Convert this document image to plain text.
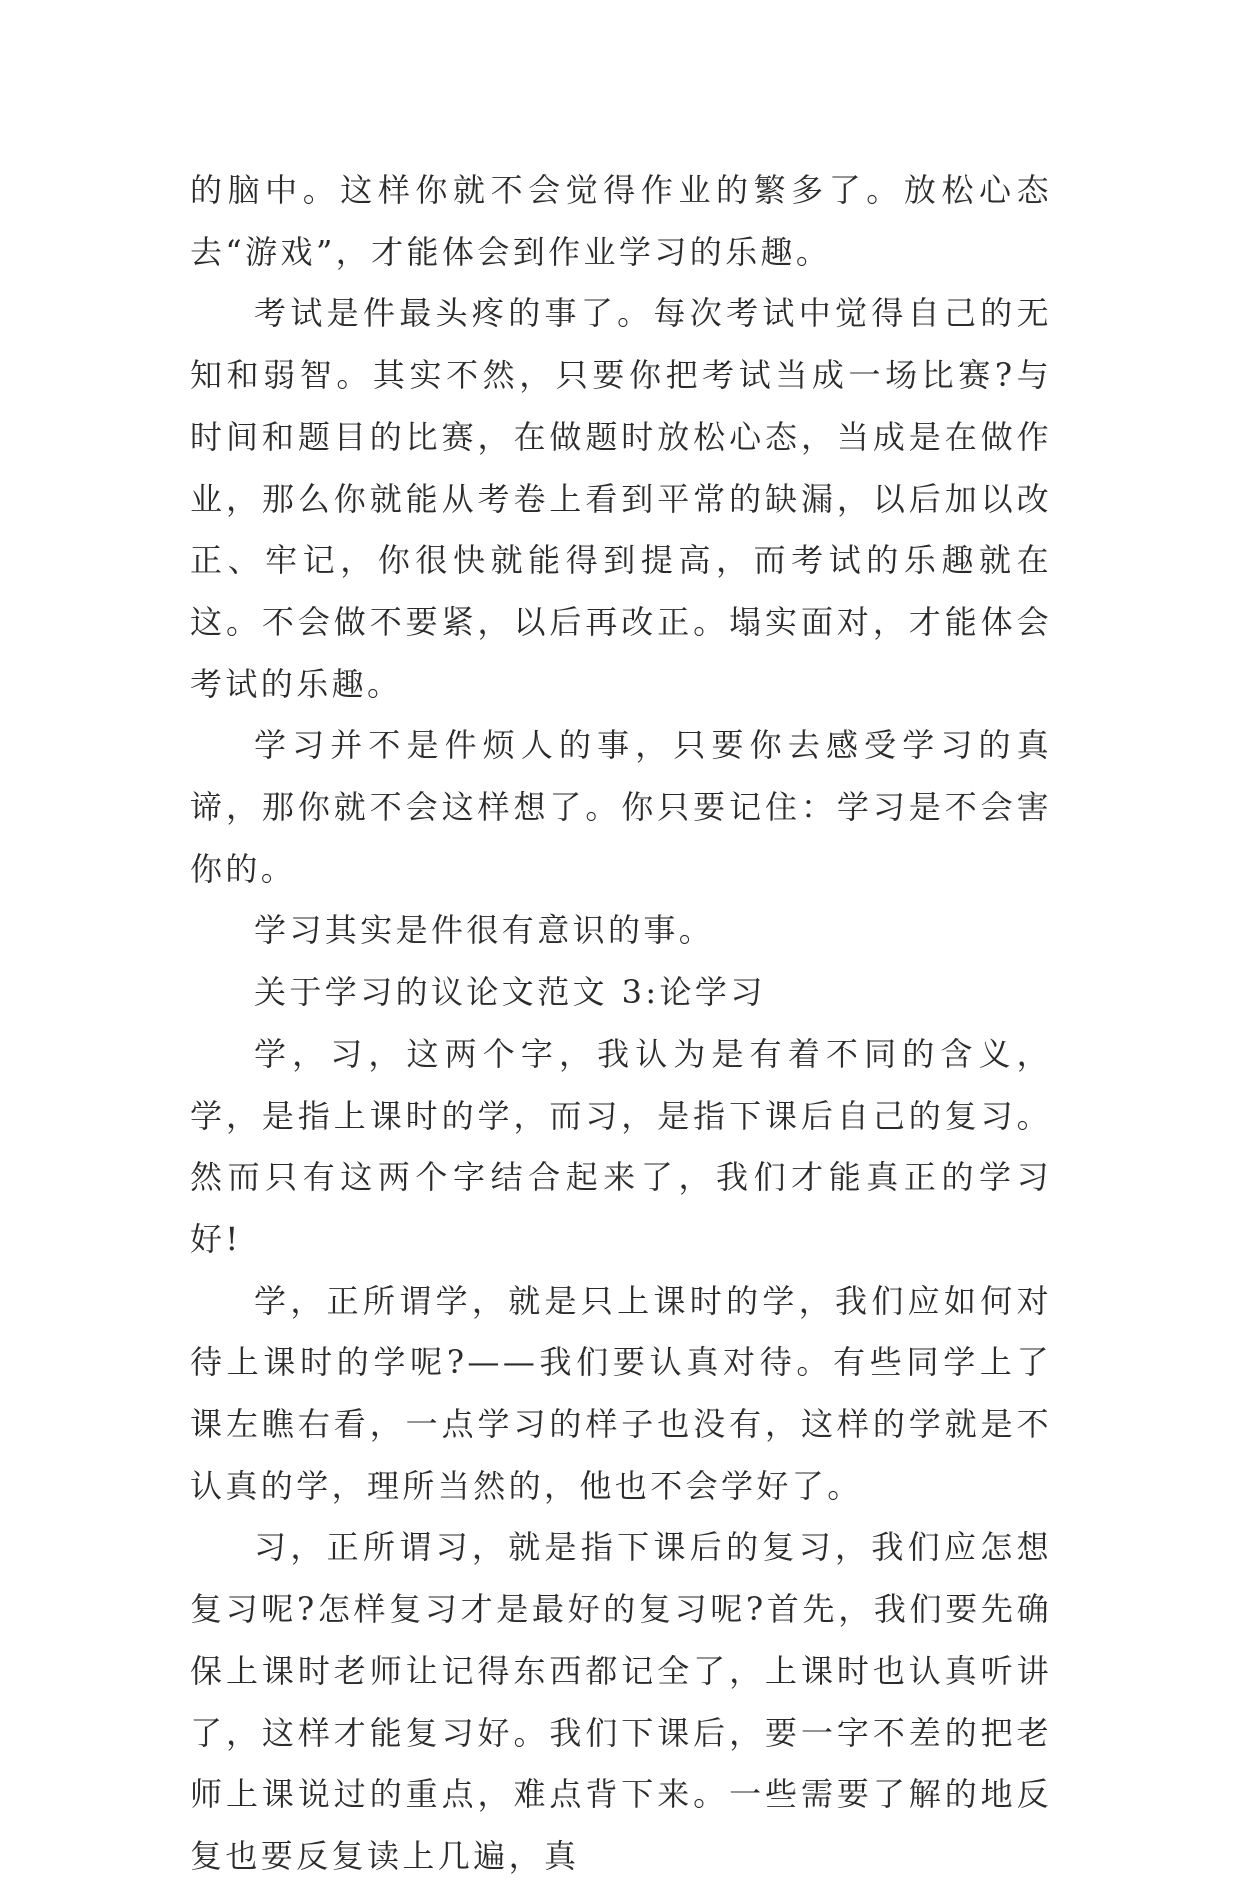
的脑中。这样你就不会觉得作业的繁多了。放松心态去“游戏”，才能体会到作业学习的乐趣。

考试是件最头疼的事了。每次考试中觉得自己的无知和弱智。其实不然，只要你把考试当成一场比赛?与时间和题目的比赛，在做题时放松心态，当成是在做作业，那么你就能从考卷上看到平常的缺漏，以后加以改正、牢记，你很快就能得到提高，而考试的乐趣就在这。不会做不要紧，以后再改正。塌实面对，才能体会考试的乐趣。

学习并不是件烦人的事，只要你去感受学习的真谛，那你就不会这样想了。你只要记住：学习是不会害你的。

学习其实是件很有意识的事。

关于学习的议论文范文 3:论学习

学，习，这两个字，我认为是有着不同的含义，学，是指上课时的学，而习，是指下课后自己的复习。然而只有这两个字结合起来了，我们才能真正的学习好!

学，正所谓学，就是只上课时的学，我们应如何对待上课时的学呢?——我们要认真对待。有些同学上了课左瞧右看，一点学习的样子也没有，这样的学就是不认真的学，理所当然的，他也不会学好了。

习，正所谓习，就是指下课后的复习，我们应怎想复习呢?怎样复习才是最好的复习呢?首先，我们要先确保上课时老师让记得东西都记全了，上课时也认真听讲了，这样才能复习好。我们下课后，要一字不差的把老师上课说过的重点，难点背下来。一些需要了解的地反复也要反复读上几遍，真
